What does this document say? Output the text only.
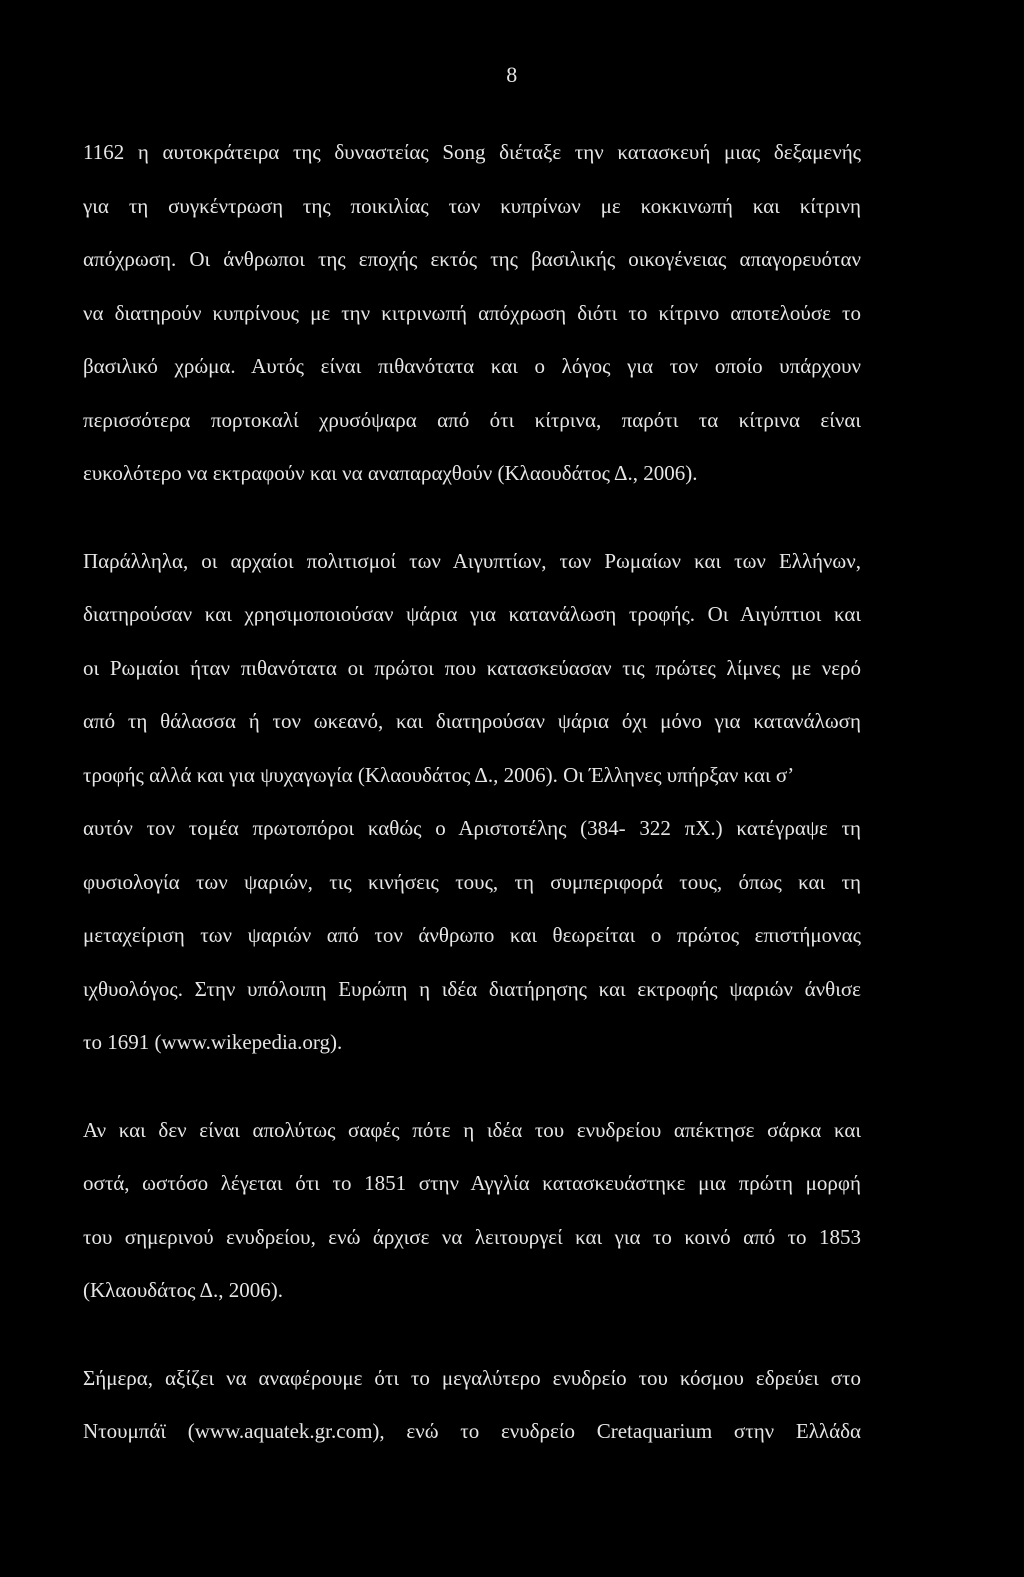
8

1162 η αυτοκράτειρα της δυναστείας Song διέταξε την κατασκευή μιας δεξαμενής
για τη συγκέντρωση της ποικιλίας των κυπρίνων με κοκκινωπή και κίτρινη
απόχρωση. Οι άνθρωποι της εποχής εκτός της βασιλικής οικογένειας απαγορευόταν
να διατηρούν κυπρίνους με την κιτρινωπή απόχρωση διότι το κίτρινο αποτελούσε το
βασιλικό χρώμα. Αυτός είναι πιθανότατα και ο λόγος για τον οποίο υπάρχουν
περισσότερα πορτοκαλί χρυσόψαρα από ότι κίτρινα, παρότι τα κίτρινα είναι
ευκολότερο να εκτραφούν και να αναπαραχθούν (Κλαουδάτος Δ., 2006).

Παράλληλα, οι αρχαίοι πολιτισμοί των Αιγυπτίων, των Ρωμαίων και των Ελλήνων,
διατηρούσαν και χρησιμοποιούσαν ψάρια για κατανάλωση τροφής. Οι Αιγύπτιοι και
οι Ρωμαίοι ήταν πιθανότατα οι πρώτοι που κατασκεύασαν τις πρώτες λίμνες με νερό
από τη θάλασσα ή τον ωκεανό, και διατηρούσαν ψάρια όχι μόνο για κατανάλωση
τροφής αλλά και για ψυχαγωγία (Κλαουδάτος Δ., 2006). Οι Έλληνες υπήρξαν και σ’
αυτόν τον τομέα πρωτοπόροι καθώς ο Αριστοτέλης (384- 322 πΧ.) κατέγραψε τη
φυσιολογία των ψαριών, τις κινήσεις τους, τη συμπεριφορά τους, όπως και τη
μεταχείριση των ψαριών από τον άνθρωπο και θεωρείται ο πρώτος επιστήμονας
ιχθυολόγος. Στην υπόλοιπη Ευρώπη η ιδέα διατήρησης και εκτροφής ψαριών άνθισε
το 1691 (www.wikepedia.org).

Αν και δεν είναι απολύτως σαφές πότε η ιδέα του ενυδρείου απέκτησε σάρκα και
οστά, ωστόσο λέγεται ότι το 1851 στην Αγγλία κατασκευάστηκε μια πρώτη μορφή
του σημερινού ενυδρείου, ενώ άρχισε να λειτουργεί και για το κοινό από το 1853
(Κλαουδάτος Δ., 2006).

Σήμερα, αξίζει να αναφέρουμε ότι το μεγαλύτερο ενυδρείο του κόσμου εδρεύει στο
Ντουμπάϊ (www.aquatek.gr.com), ενώ το ενυδρείο Cretaquarium στην Ελλάδα
